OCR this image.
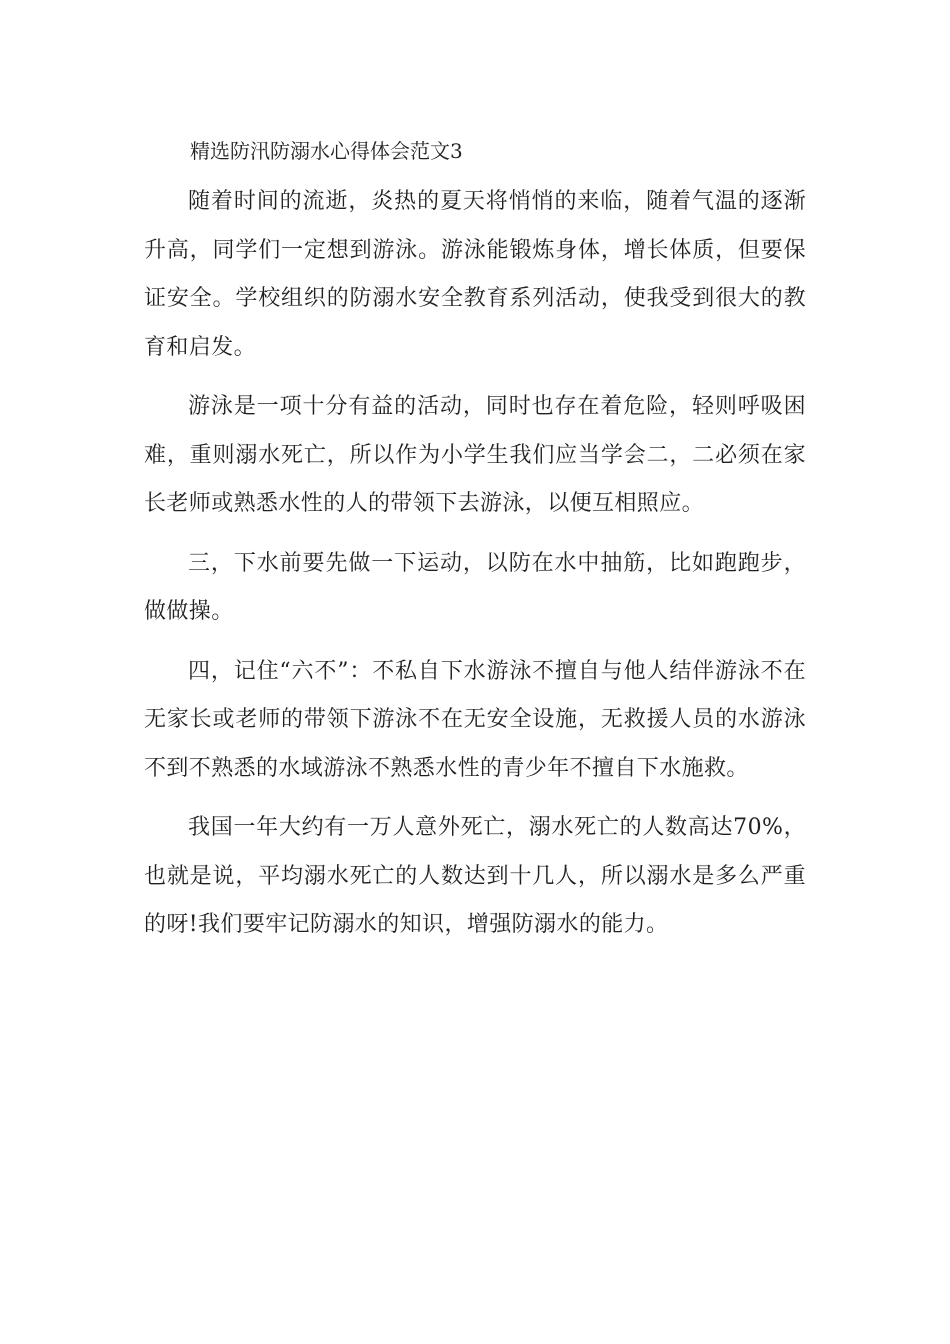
精选防汛防溺水心得体会范文3

随着时间的流逝，炎热的夏天将悄悄的来临，随着气温的逐渐升高，同学们一定想到游泳。游泳能锻炼身体，增长体质，但要保证安全。学校组织的防溺水安全教育系列活动，使我受到很大的教育和启发。

游泳是一项十分有益的活动，同时也存在着危险，轻则呼吸困难，重则溺水死亡，所以作为小学生我们应当学会二，二必须在家长老师或熟悉水性的人的带领下去游泳，以便互相照应。

三，下水前要先做一下运动，以防在水中抽筋，比如跑跑步，做做操。

四，记住“六不”：不私自下水游泳不擅自与他人结伴游泳不在无家长或老师的带领下游泳不在无安全设施，无救援人员的水游泳不到不熟悉的水域游泳不熟悉水性的青少年不擅自下水施救。

我国一年大约有一万人意外死亡，溺水死亡的人数高达70%，也就是说，平均溺水死亡的人数达到十几人，所以溺水是多么严重的呀!我们要牢记防溺水的知识，增强防溺水的能力。
